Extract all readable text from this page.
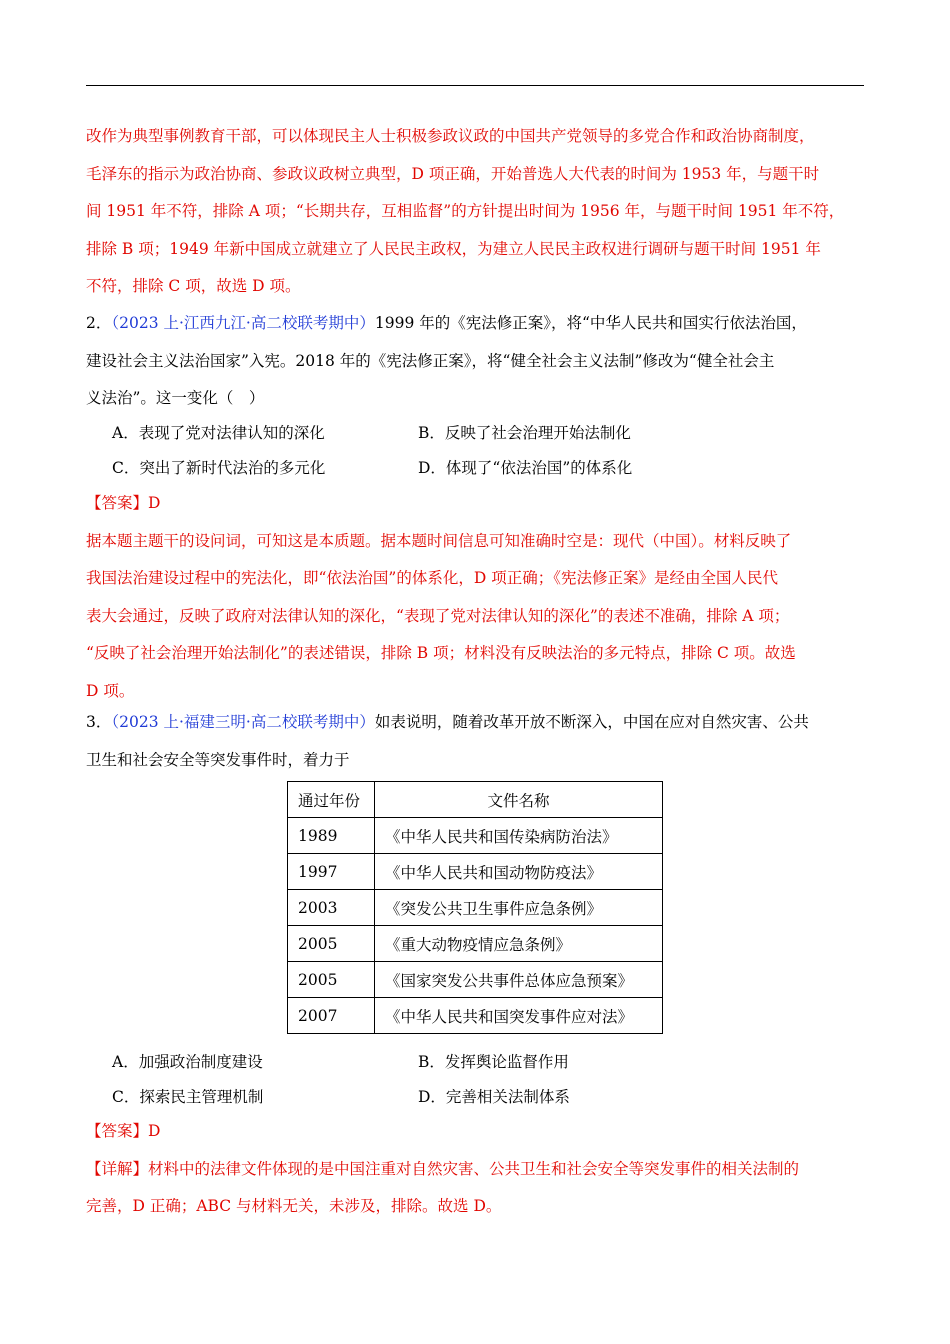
改作为典型事例教育干部，可以体现民主人士积极参政议政的中国共产党领导的多党合作和政治协商制度，
毛泽东的指示为政治协商、参政议政树立典型，D 项正确，开始普选人大代表的时间为 1953 年，与题干时
间 1951 年不符，排除 A 项；“长期共存，互相监督”的方针提出时间为 1956 年，与题干时间 1951 年不符，
排除 B 项；1949 年新中国成立就建立了人民民主政权，为建立人民民主政权进行调研与题干时间 1951 年
不符，排除 C 项，故选 D 项。
2．（2023 上·江西九江·高二校联考期中）1999 年的《宪法修正案》，将“中华人民共和国实行依法治国，
建设社会主义法治国家”入宪。2018 年的《宪法修正案》，将“健全社会主义法制”修改为“健全社会主
义法治”。这一变化（　）
A．表现了党对法律认知的深化	B．反映了社会治理开始法制化
C．突出了新时代法治的多元化	D．体现了“依法治国”的体系化
【答案】D
据本题主题干的设问词，可知这是本质题。据本题时间信息可知准确时空是：现代（中国）。材料反映了
我国法治建设过程中的宪法化，即“依法治国”的体系化，D 项正确；《宪法修正案》是经由全国人民代
表大会通过，反映了政府对法律认知的深化，“表现了党对法律认知的深化”的表述不准确，排除 A 项；
“反映了社会治理开始法制化”的表述错误，排除 B 项；材料没有反映法治的多元特点，排除 C 项。故选
D 项。
3．（2023 上·福建三明·高二校联考期中）如表说明，随着改革开放不断深入，中国在应对自然灾害、公共
卫生和社会安全等突发事件时，着力于
通过年份	文件名称
1989	《中华人民共和国传染病防治法》
1997	《中华人民共和国动物防疫法》
2003	《突发公共卫生事件应急条例》
2005	《重大动物疫情应急条例》
2005	《国家突发公共事件总体应急预案》
2007	《中华人民共和国突发事件应对法》
A．加强政治制度建设	B．发挥舆论监督作用
C．探索民主管理机制	D．完善相关法制体系
【答案】D
【详解】材料中的法律文件体现的是中国注重对自然灾害、公共卫生和社会安全等突发事件的相关法制的
完善，D 正确；ABC 与材料无关，未涉及，排除。故选 D。
